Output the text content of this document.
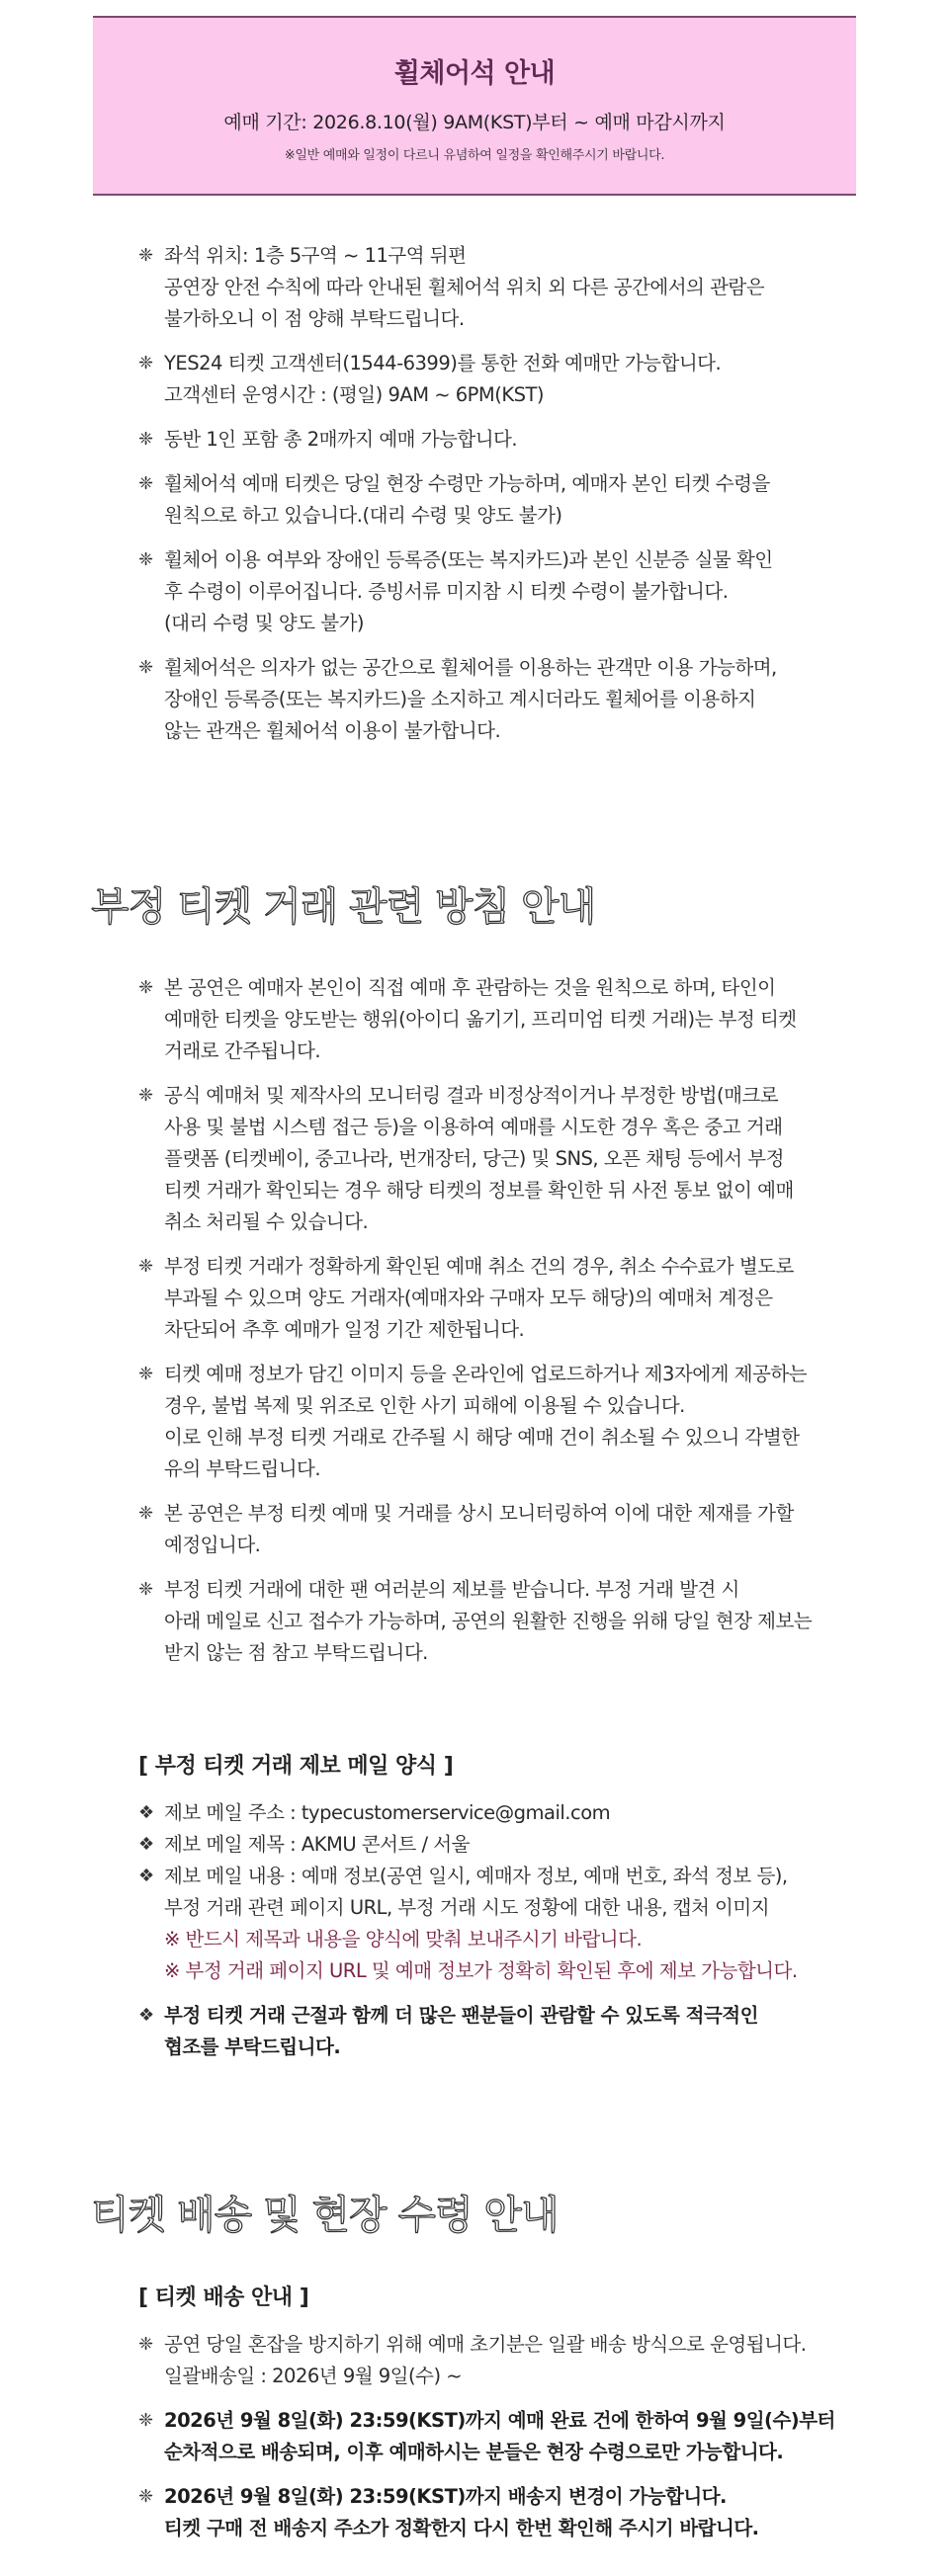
휠체어석 안내
예매 기간: 2026.8.10(월) 9AM(KST)부터 ~ 예매 마감시까지
※일반 예매와 일정이 다르니 유념하여 일정을 확인해주시기 바랍니다.
❈ 좌석 위치: 1층 5구역 ~ 11구역 뒤편
공연장 안전 수칙에 따라 안내된 휠체어석 위치 외 다른 공간에서의 관람은
불가하오니 이 점 양해 부탁드립니다.
❈ YES24 티켓 고객센터(1544-6399)를 통한 전화 예매만 가능합니다.
고객센터 운영시간 : (평일) 9AM ~ 6PM(KST)
❈ 동반 1인 포함 총 2매까지 예매 가능합니다.
❈ 휠체어석 예매 티켓은 당일 현장 수령만 가능하며, 예매자 본인 티켓 수령을
원칙으로 하고 있습니다.(대리 수령 및 양도 불가)
❈ 휠체어 이용 여부와 장애인 등록증(또는 복지카드)과 본인 신분증 실물 확인
후 수령이 이루어집니다. 증빙서류 미지참 시 티켓 수령이 불가합니다.
(대리 수령 및 양도 불가)
❈ 휠체어석은 의자가 없는 공간으로 휠체어를 이용하는 관객만 이용 가능하며,
장애인 등록증(또는 복지카드)을 소지하고 계시더라도 휠체어를 이용하지
않는 관객은 휠체어석 이용이 불가합니다.
부정 티켓 거래 관련 방침 안내
❈ 본 공연은 예매자 본인이 직접 예매 후 관람하는 것을 원칙으로 하며, 타인이
예매한 티켓을 양도받는 행위(아이디 옮기기, 프리미엄 티켓 거래)는 부정 티켓
거래로 간주됩니다.
❈ 공식 예매처 및 제작사의 모니터링 결과 비정상적이거나 부정한 방법(매크로
사용 및 불법 시스템 접근 등)을 이용하여 예매를 시도한 경우 혹은 중고 거래
플랫폼 (티켓베이, 중고나라, 번개장터, 당근) 및 SNS, 오픈 채팅 등에서 부정
티켓 거래가 확인되는 경우 해당 티켓의 정보를 확인한 뒤 사전 통보 없이 예매
취소 처리될 수 있습니다.
❈ 부정 티켓 거래가 정확하게 확인된 예매 취소 건의 경우, 취소 수수료가 별도로
부과될 수 있으며 양도 거래자(예매자와 구매자 모두 해당)의 예매처 계정은
차단되어 추후 예매가 일정 기간 제한됩니다.
❈ 티켓 예매 정보가 담긴 이미지 등을 온라인에 업로드하거나 제3자에게 제공하는
경우, 불법 복제 및 위조로 인한 사기 피해에 이용될 수 있습니다.
이로 인해 부정 티켓 거래로 간주될 시 해당 예매 건이 취소될 수 있으니 각별한
유의 부탁드립니다.
❈ 본 공연은 부정 티켓 예매 및 거래를 상시 모니터링하여 이에 대한 제재를 가할
예정입니다.
❈ 부정 티켓 거래에 대한 팬 여러분의 제보를 받습니다. 부정 거래 발견 시
아래 메일로 신고 접수가 가능하며, 공연의 원활한 진행을 위해 당일 현장 제보는
받지 않는 점 참고 부탁드립니다.
[ 부정 티켓 거래 제보 메일 양식 ]
❖ 제보 메일 주소 : typecustomerservice@gmail.com
❖ 제보 메일 제목 : AKMU 콘서트 / 서울
❖ 제보 메일 내용 : 예매 정보(공연 일시, 예매자 정보, 예매 번호, 좌석 정보 등),
부정 거래 관련 페이지 URL, 부정 거래 시도 정황에 대한 내용, 캡처 이미지
※ 반드시 제목과 내용을 양식에 맞춰 보내주시기 바랍니다.
※ 부정 거래 페이지 URL 및 예매 정보가 정확히 확인된 후에 제보 가능합니다.
❖ 부정 티켓 거래 근절과 함께 더 많은 팬분들이 관람할 수 있도록 적극적인
협조를 부탁드립니다.
티켓 배송 및 현장 수령 안내
[ 티켓 배송 안내 ]
❈ 공연 당일 혼잡을 방지하기 위해 예매 초기분은 일괄 배송 방식으로 운영됩니다.
일괄배송일 : 2026년 9월 9일(수) ~
❈ 2026년 9월 8일(화) 23:59(KST)까지 예매 완료 건에 한하여 9월 9일(수)부터
순차적으로 배송되며, 이후 예매하시는 분들은 현장 수령으로만 가능합니다.
❈ 2026년 9월 8일(화) 23:59(KST)까지 배송지 변경이 가능합니다.
티켓 구매 전 배송지 주소가 정확한지 다시 한번 확인해 주시기 바랍니다.
